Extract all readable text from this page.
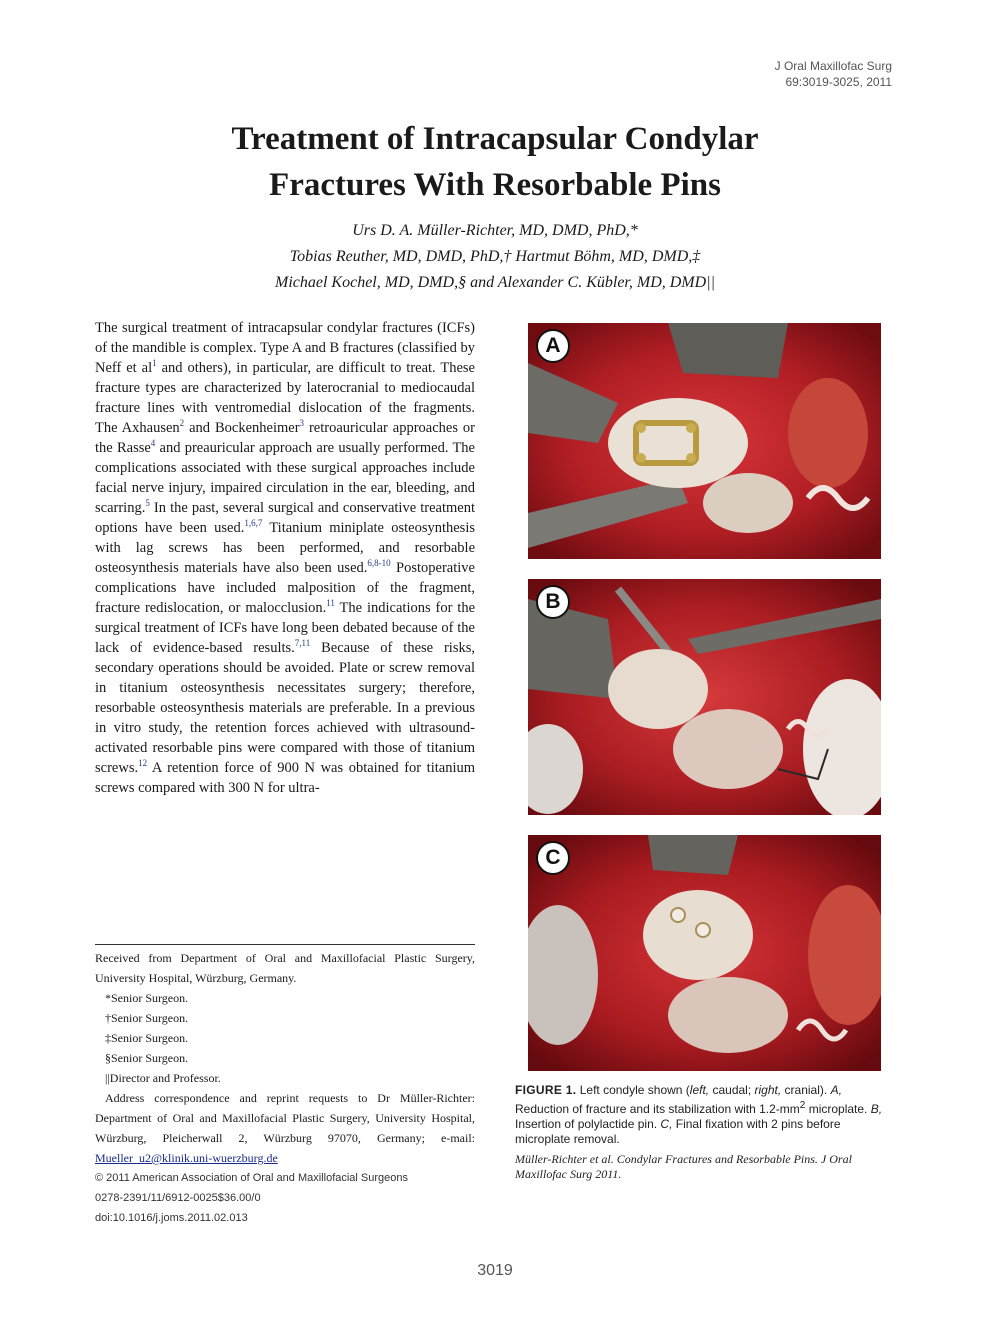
J Oral Maxillofac Surg
69:3019-3025, 2011
Treatment of Intracapsular Condylar
Fractures With Resorbable Pins
Urs D. A. Müller-Richter, MD, DMD, PhD,*
Tobias Reuther, MD, DMD, PhD,† Hartmut Böhm, MD, DMD,‡
Michael Kochel, MD, DMD,§ and Alexander C. Kübler, MD, DMD||

The surgical treatment of intracapsular condylar fractures (ICFs) of the mandible is complex. Type A and B fractures (classified by Neff et $al^1$ and others), in particular, are difficult to treat. These fracture types are characterized by laterocranial to mediocaudal fracture lines with ventromedial dislocation of the fragments. The Axhausen$^2$ and Bockenheimer$^3$ retroauricular approaches or the Rasse$^4$ and preauricular approach are usually performed. The complications associated with these surgical approaches include facial nerve injury, impaired circulation in the ear, bleeding, and scarring.$^5$ In the past, several surgical and conservative treatment options have been used.$^{1,6,7}$ Titanium miniplate osteosynthesis with lag screws has been performed, and resorbable osteosynthesis materials have also been used.$^{6,8-10}$ Postoperative complications have included malposition of the fragment, fracture redislocation, or malocclusion.$^{11}$ The indications for the surgical treatment of ICFs have long been debated because of the lack of evidence-based results.$^{7,11}$ Because of these risks, secondary operations should be avoided. Plate or screw removal in titanium osteosynthesis necessitates surgery; therefore, resorbable osteosynthesis materials are preferable. In a previous in vitro study, the retention forces achieved with ultrasound-activated resorbable pins were compared with those of titanium screws.$^{12}$ A retention force of 900 N was obtained for titanium screws compared with 300 N for ultra-

Received from Department of Oral and Maxillofacial Plastic Surgery, University Hospital, Würzburg, Germany.

*Senior Surgeon.

†Senior Surgeon.

‡Senior Surgeon.

§Senior Surgeon.

||Director and Professor.

Address correspondence and reprint requests to Dr Müller-Richter: Department of Oral and Maxillofacial Plastic Surgery, University Hospital, Würzburg, Pleicherwall 2, Würzburg 97070, Germany; e-mail: Mueller_u2@klinik.uni-wuerzburg.de

© 2011 American Association of Oral and Maxillofacial Surgeons

0278-2391/11/6912-0025$36.00/0

doi:10.1016/j.joms.2011.02.013

A
B
C

FIGURE 1. Left condyle shown (left, caudal; right, cranial). A, Reduction of fracture and its stabilization with $1.2-mm^2$ microplate. B, Insertion of polylactide pin. C, Final fixation with 2 pins before microplate removal.

Müller-Richter et al. Condylar Fractures and Resorbable Pins. J Oral Maxillofac Surg 2011.

3019
